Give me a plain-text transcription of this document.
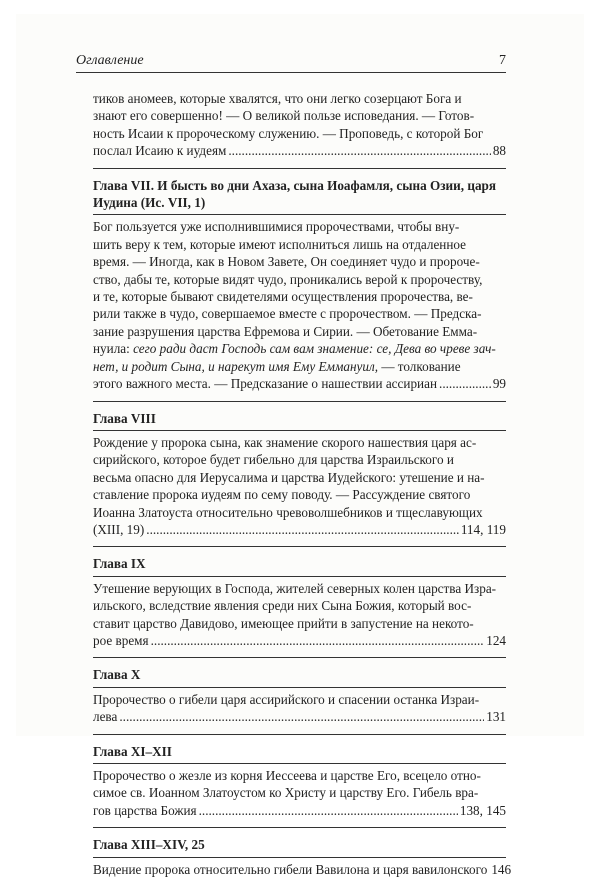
Оглавление	7
тиков аномеев, которые хвалятся, что они легко созерцают Бога и
знают его совершенно! — О великой пользе исповедания. — Готов-
ность Исаии к пророческому служению. — Проповедь, с которой Бог
послал Исаию к иудеям .....	88
Глава VII. И бысть во дни Ахаза, сына Иоафамля, сына Озии, царя
Иудина (Ис. VII, 1)
Бог пользуется уже исполнившимися пророчествами, чтобы вну-
шить веру к тем, которые имеют исполниться лишь на отдаленное
время. — Иногда, как в Новом Завете, Он соединяет чудо и пророче-
ство, дабы те, которые видят чудо, проникались верой к пророчеству,
и те, которые бывают свидетелями осуществления пророчества, ве-
рили также в чудо, совершаемое вместе с пророчеством. — Предска-
зание разрушения царства Ефремова и Сирии. — Обетование Емма-
нуила: сего ради даст Господь сам вам знамение: се, Дева во чреве зач-
нет, и родит Сына, и нарекут имя Ему Еммануил, — толкование
этого важного места. — Предсказание о нашествии ассириан .....	99
Глава VIII
Рождение у пророка сына, как знамение скорого нашествия царя ас-
сирийского, которое будет гибельно для царства Израильского и
весьма опасно для Иерусалима и царства Иудейского: утешение и на-
ставление пророка иудеям по сему поводу. — Рассуждение святого
Иоанна Златоуста относительно чревоволшебников и тщеславующих
(XIII, 19) .....	114, 119
Глава IX
Утешение верующих в Господа, жителей северных колен царства Изра-
ильского, вследствие явления среди них Сына Божия, который вос-
ставит царство Давидово, имеющее прийти в запустение на некото-
рое время .....	124
Глава X
Пророчество о гибели царя ассирийского и спасении останка Израи-
лева .....	131
Глава XI–XII
Пророчество о жезле из корня Иессеева и царстве Его, всецело отно-
симое св. Иоанном Златоустом ко Христу и царству Его. Гибель вра-
гов царства Божия .....	138, 145
Глава XIII–XIV, 25
Видение пророка относительно гибели Вавилона и царя вавилонского 146
